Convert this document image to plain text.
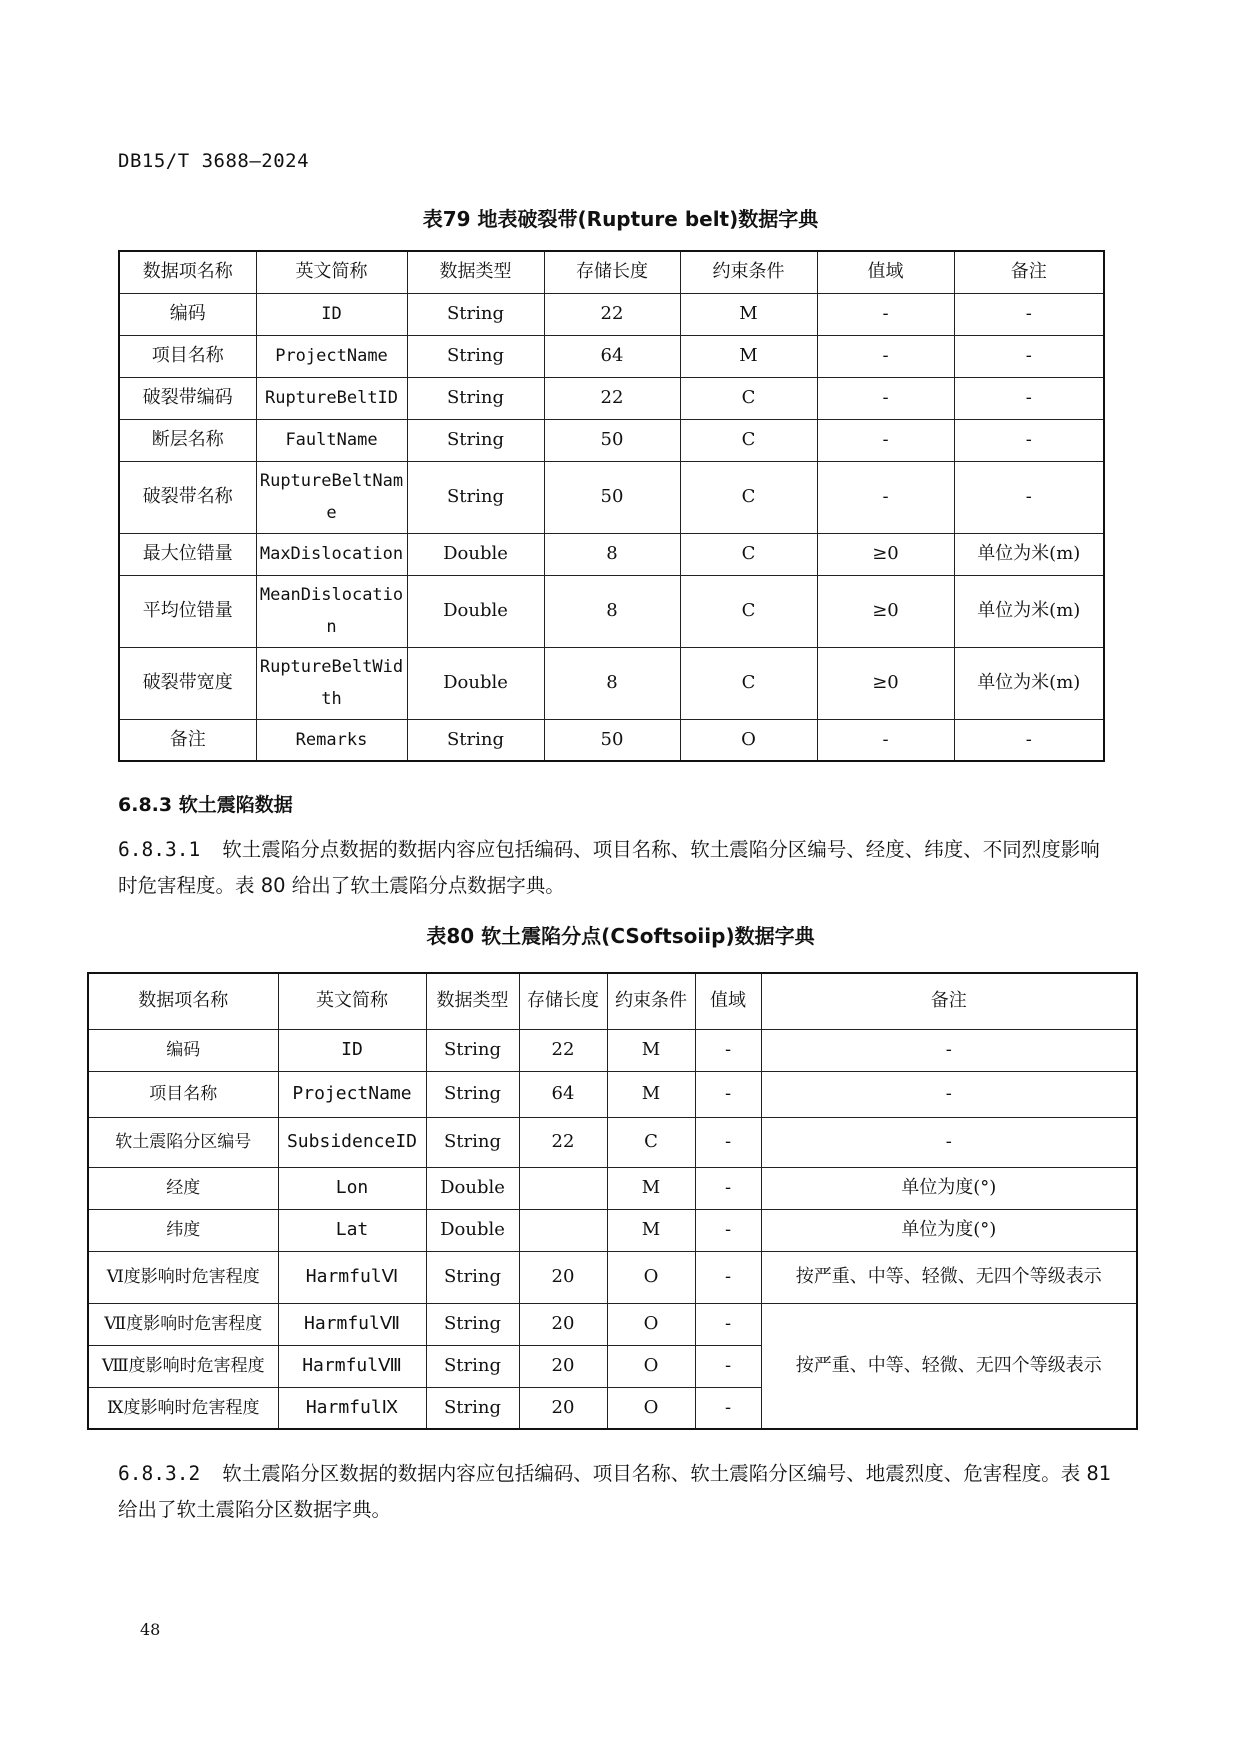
DB15/T 3688—2024
表79 地表破裂带(Rupture belt)数据字典
数据项名称	英文简称	数据类型	存储长度	约束条件	值域	备注
编码	ID	String	22	M	-	-
项目名称	ProjectName	String	64	M	-	-
破裂带编码	RuptureBeltID	String	22	C	-	-
断层名称	FaultName	String	50	C	-	-
破裂带名称	RuptureBeltName	String	50	C	-	-
最大位错量	MaxDislocation	Double	8	C	≥0	单位为米(m)
平均位错量	MeanDislocation	Double	8	C	≥0	单位为米(m)
破裂带宽度	RuptureBeltWidth	Double	8	C	≥0	单位为米(m)
备注	Remarks	String	50	O	-	-
6.8.3 软土震陷数据
6.8.3.1 软土震陷分点数据的数据内容应包括编码、项目名称、软土震陷分区编号、经度、纬度、不同烈度影响时危害程度。表 80 给出了软土震陷分点数据字典。
表80 软土震陷分点(CSoftsoiip)数据字典
数据项名称	英文简称	数据类型	存储长度	约束条件	值域	备注
编码	ID	String	22	M	-	-
项目名称	ProjectName	String	64	M	-	-
软土震陷分区编号	SubsidenceID	String	22	C	-	-
经度	Lon	Double		M	-	单位为度(°)
纬度	Lat	Double		M	-	单位为度(°)
Ⅵ度影响时危害程度	HarmfulⅥ	String	20	O	-	按严重、中等、轻微、无四个等级表示
Ⅶ度影响时危害程度	HarmfulⅦ	String	20	O	-	按严重、中等、轻微、无四个等级表示
Ⅷ度影响时危害程度	HarmfulⅧ	String	20	O	-	
Ⅸ度影响时危害程度	HarmfulⅨ	String	20	O	-	
6.8.3.2 软土震陷分区数据的数据内容应包括编码、项目名称、软土震陷分区编号、地震烈度、危害程度。表 81 给出了软土震陷分区数据字典。
48
